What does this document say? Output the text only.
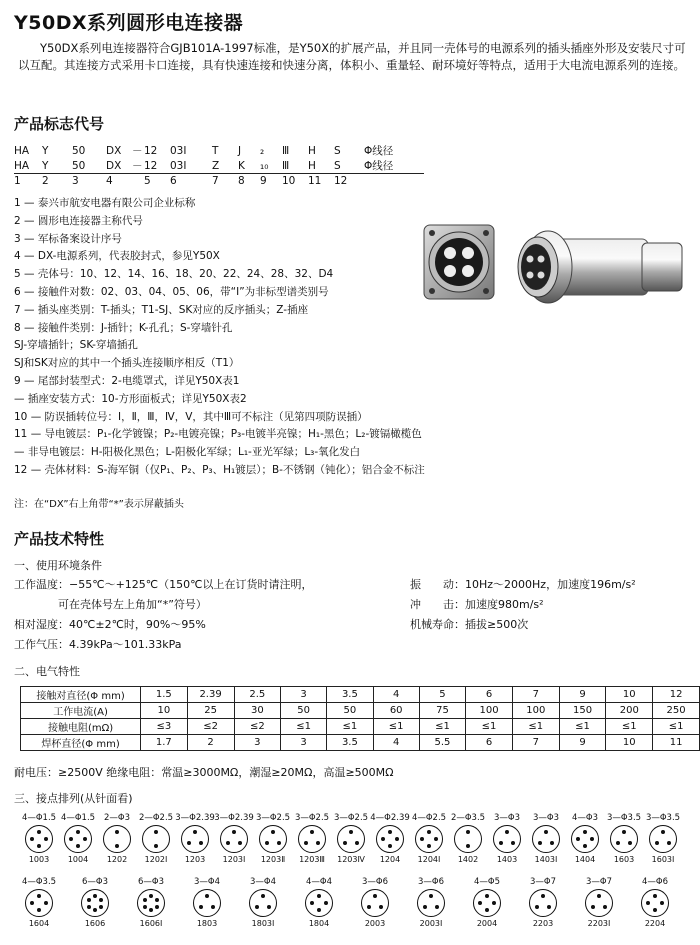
Y50DX系列圆形电连接器
Y50DX系列电连接器符合GJB101A-1997标准，是Y50X的扩展产品，并且同一壳体号的电源系列的插头插座外形及安装尺寸可以互配。其连接方式采用卡口连接，具有快速连接和快速分离，体积小、重量轻、耐环境好等特点，适用于大电流电源系列的连接。
产品标志代号
HA	Y	50	DX	－	12	03Ⅰ	T	J	₂	Ⅲ	H	S	Φ线径
HA	Y	50	DX	－	12	03Ⅰ	Z	K	₁₀	Ⅲ	H	S	Φ线径
1	2	3	4		5	6	7	8	9	10	11	12	
1 — 泰兴市航安电器有限公司企业标称
2 — 圆形电连接器主称代号
3 — 军标备案设计序号
4 — DX-电源系列，代表胶封式，参见Y50X
5 — 壳体号：10、12、14、16、18、20、22、24、28、32、D4
6 — 接触件对数：02、03、04、05、06，带“Ⅰ”为非标型谱类别号
7 — 插头座类别：T-插头；T1-SJ、SK对应的反序插头；Z-插座
8 — 接触件类别：J-插针；K-孔孔；S-穿墙针孔
SJ-穿墙插针；SK-穿墙插孔
SJ和SK对应的其中一个插头连接顺序相反（T1）
9 — 尾部封装型式：2-电缆罩式，详见Y50X表1
— 插座安装方式：10-方形面板式；详见Y50X表2
10 — 防误插转位号：Ⅰ，Ⅱ，Ⅲ，Ⅳ，Ⅴ，其中Ⅲ可不标注（见第四项防误插）
11 — 导电镀层：P₁-化学镀镍；P₂-电镀亮镍；P₃-电镀半亮镍；H₁-黑色；L₂-镀镉橄榄色
— 非导电镀层：H-阳极化黑色；L-阳极化军绿；L₁-亚光军绿；L₃-氧化发白
12 — 壳体材料：S-海军铜（仅P₁、P₂、P₃、H₁镀层）；B-不锈钢（钝化）；铝合金不标注
注：在“DX”右上角带“*”表示屏蔽插头
产品技术特性
一、使用环境条件
工作温度：−55℃～+125℃（150℃以上在订货时请注明，
　　　　可在壳体号左上角加“*”符号）
相对湿度：40℃±2℃时，90%～95%
工作气压：4.39kPa～101.33kPa
振　　动：10Hz～2000Hz，加速度196m/s²
冲　　击：加速度980m/s²
机械寿命：插拔≥500次
二、电气特性
接触对直径(Φ mm)	1.5	2.39	2.5	3	3.5	4	5	6	7	9	10	12
工作电流(A)	10	25	30	50	50	60	75	100	100	150	200	250
接触电阻(mΩ)	≤3	≤2	≤2	≤1	≤1	≤1	≤1	≤1	≤1	≤1	≤1	≤1
焊杯直径(Φ mm)	1.7	2	3	3	3.5	4	5.5	6	7	9	10	11
耐电压：≥2500V 绝缘电阻：常温≥3000MΩ，潮湿≥20MΩ，高温≥500MΩ
三、接点排列(从针面看)
4—Φ1.5
1003
4—Φ1.5
1004
2—Φ3
1202
2—Φ2.5
1202Ⅰ
3—Φ2.39
1203
3—Φ2.39
1203Ⅰ
3—Φ2.5
1203Ⅱ
3—Φ2.5
1203Ⅲ
3—Φ2.5
1203Ⅳ
4—Φ2.39
1204
4—Φ2.5
1204Ⅰ
2—Φ3.5
1402
3—Φ3
1403
3—Φ3
1403Ⅰ
4—Φ3
1404
3—Φ3.5
1603
3—Φ3.5
1603Ⅰ
4—Φ3.5
1604
6—Φ3
1606
6—Φ3
1606Ⅰ
3—Φ4
1803
3—Φ4
1803Ⅰ
4—Φ4
1804
3—Φ6
2003
3—Φ6
2003Ⅰ
4—Φ5
2004
3—Φ7
2203
3—Φ7
2203Ⅰ
4—Φ6
2204
